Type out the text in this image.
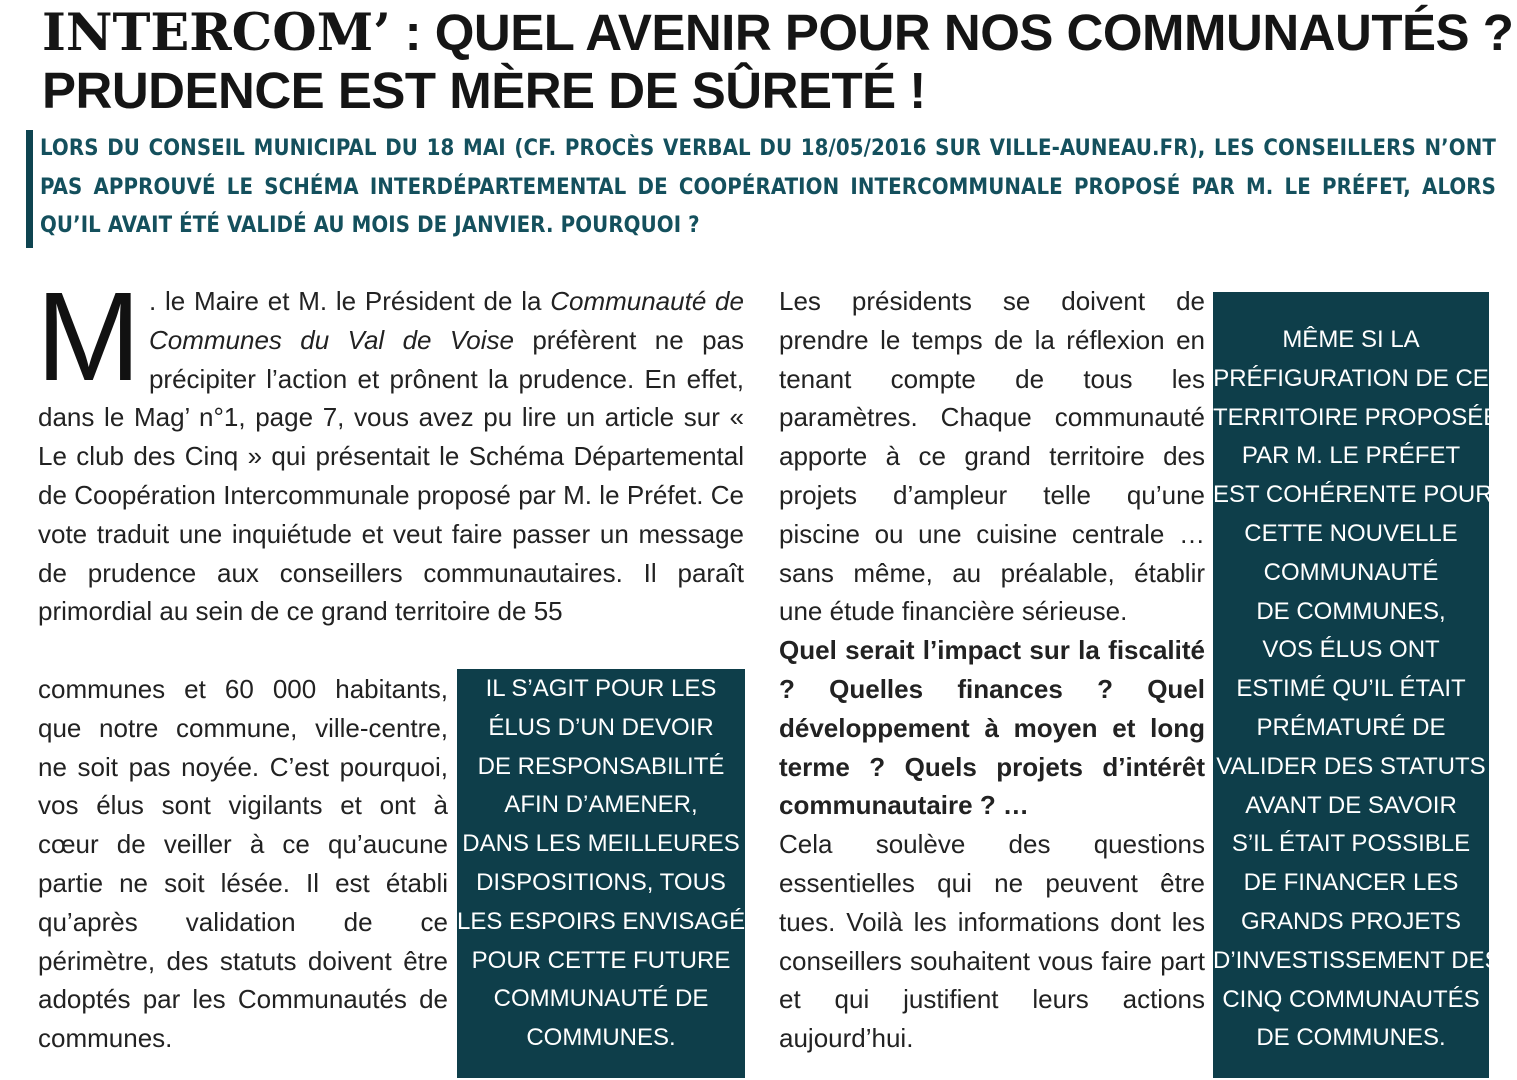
INTERCOM’ : QUEL AVENIR POUR NOS COMMUNAUTÉS ?
PRUDENCE EST MÈRE DE SÛRETÉ !

LORS DU CONSEIL MUNICIPAL DU 18 MAI (CF. PROCÈS VERBAL DU 18/05/2016 SUR VILLE-AUNEAU.FR), LES CONSEILLERS N’ONT PAS APPROUVÉ LE SCHÉMA INTERDÉPARTEMENTAL DE COOPÉRATION INTERCOMMUNALE PROPOSÉ PAR M. LE PRÉFET, ALORS QU’IL AVAIT ÉTÉ VALIDÉ AU MOIS DE JANVIER. POURQUOI ?

M . le Maire et M. le Président de la Communauté de Communes du Val de Voise préfèrent ne pas précipiter l’action et prônent la prudence. En effet, dans le Mag’ n°1, page 7, vous avez pu lire un article sur « Le club des Cinq » qui présentait le Schéma Départemental de Coopération Intercommunale proposé par M. le Préfet. Ce vote traduit une inquiétude et veut faire passer un message de prudence aux conseillers communautaires. Il paraît primordial au sein de ce grand territoire de 55

communes et 60 000 habitants, que notre commune, ville-centre, ne soit pas noyée. C’est pourquoi, vos élus sont vigilants et ont à cœur de veiller à ce qu’aucune partie ne soit lésée. Il est établi qu’après validation de ce périmètre, des statuts doivent être adoptés par les Communautés de communes.

IL S’AGIT POUR LES
ÉLUS D’UN DEVOIR
DE RESPONSABILITÉ
AFIN D’AMENER,
DANS LES MEILLEURES
DISPOSITIONS, TOUS
LES ESPOIRS ENVISAGÉS
POUR CETTE FUTURE
COMMUNAUTÉ DE
COMMUNES.

Les présidents se doivent de prendre le temps de la réflexion en tenant compte de tous les paramètres. Chaque communauté apporte à ce grand territoire des projets d’ampleur telle qu’une piscine ou une cuisine centrale … sans même, au préalable, établir une étude financière sérieuse.

Quel serait l’impact sur la fiscalité ? Quelles finances ? Quel développement à moyen et long terme ? Quels projets d’intérêt communautaire ? …

Cela soulève des questions essentielles qui ne peuvent être tues. Voilà les informations dont les conseillers souhaitent vous faire part et qui justifient leurs actions aujourd’hui.

MÊME SI LA
PRÉFIGURATION DE CE
TERRITOIRE PROPOSÉE
PAR M. LE PRÉFET
EST COHÉRENTE POUR
CETTE NOUVELLE
COMMUNAUTÉ
DE COMMUNES,
VOS ÉLUS ONT
ESTIMÉ QU’IL ÉTAIT
PRÉMATURÉ DE
VALIDER DES STATUTS
AVANT DE SAVOIR
S’IL ÉTAIT POSSIBLE
DE FINANCER LES
GRANDS PROJETS
D’INVESTISSEMENT DES
CINQ COMMUNAUTÉS
DE COMMUNES.
